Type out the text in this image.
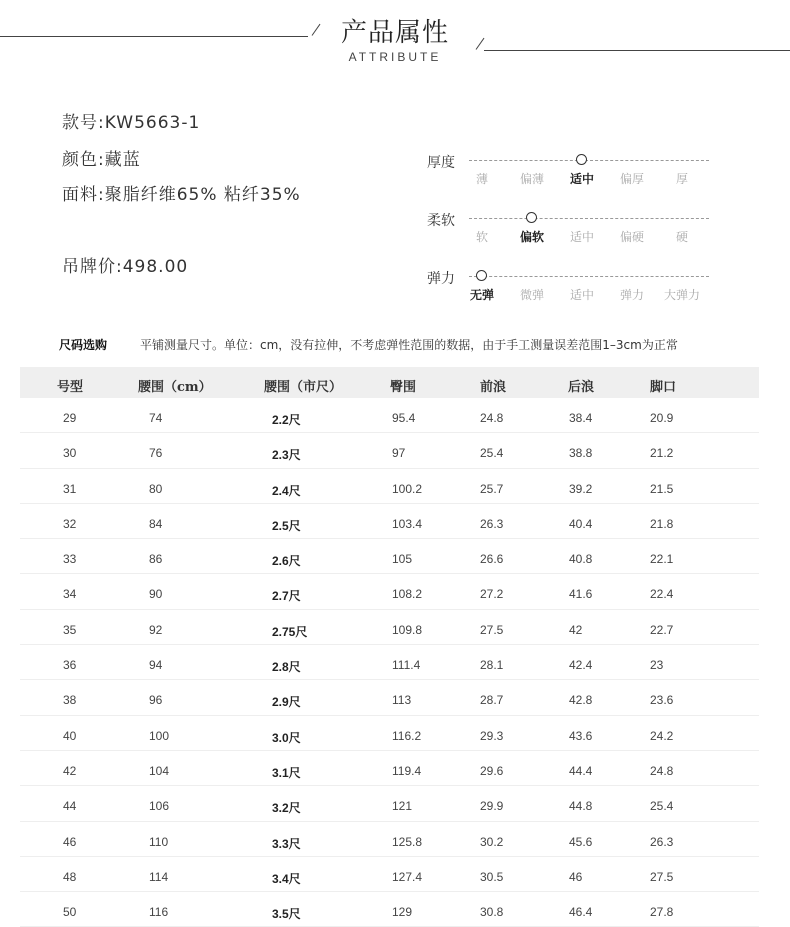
产品属性
ATTRIBUTE
款号:KW5663-1
颜色:藏蓝
面料:聚脂纤维65% 粘纤35%
吊牌价:498.00
厚度
薄	偏薄	适中	偏厚	厚
柔软
软	偏软	适中	偏硬	硬
弹力
无弹	微弹	适中	弹力	大弹力
尺码选购	平铺测量尺寸。单位：cm，没有拉伸，不考虑弹性范围的数据，由于手工测量误差范围1–3cm为正常
号型	腰围（cm）	腰围（市尺）	臀围	前浪	后浪	脚口
29	74	2.2尺	95.4	24.8	38.4	20.9
30	76	2.3尺	97	25.4	38.8	21.2
31	80	2.4尺	100.2	25.7	39.2	21.5
32	84	2.5尺	103.4	26.3	40.4	21.8
33	86	2.6尺	105	26.6	40.8	22.1
34	90	2.7尺	108.2	27.2	41.6	22.4
35	92	2.75尺	109.8	27.5	42	22.7
36	94	2.8尺	111.4	28.1	42.4	23
38	96	2.9尺	113	28.7	42.8	23.6
40	100	3.0尺	116.2	29.3	43.6	24.2
42	104	3.1尺	119.4	29.6	44.4	24.8
44	106	3.2尺	121	29.9	44.8	25.4
46	110	3.3尺	125.8	30.2	45.6	26.3
48	114	3.4尺	127.4	30.5	46	27.5
50	116	3.5尺	129	30.8	46.4	27.8
